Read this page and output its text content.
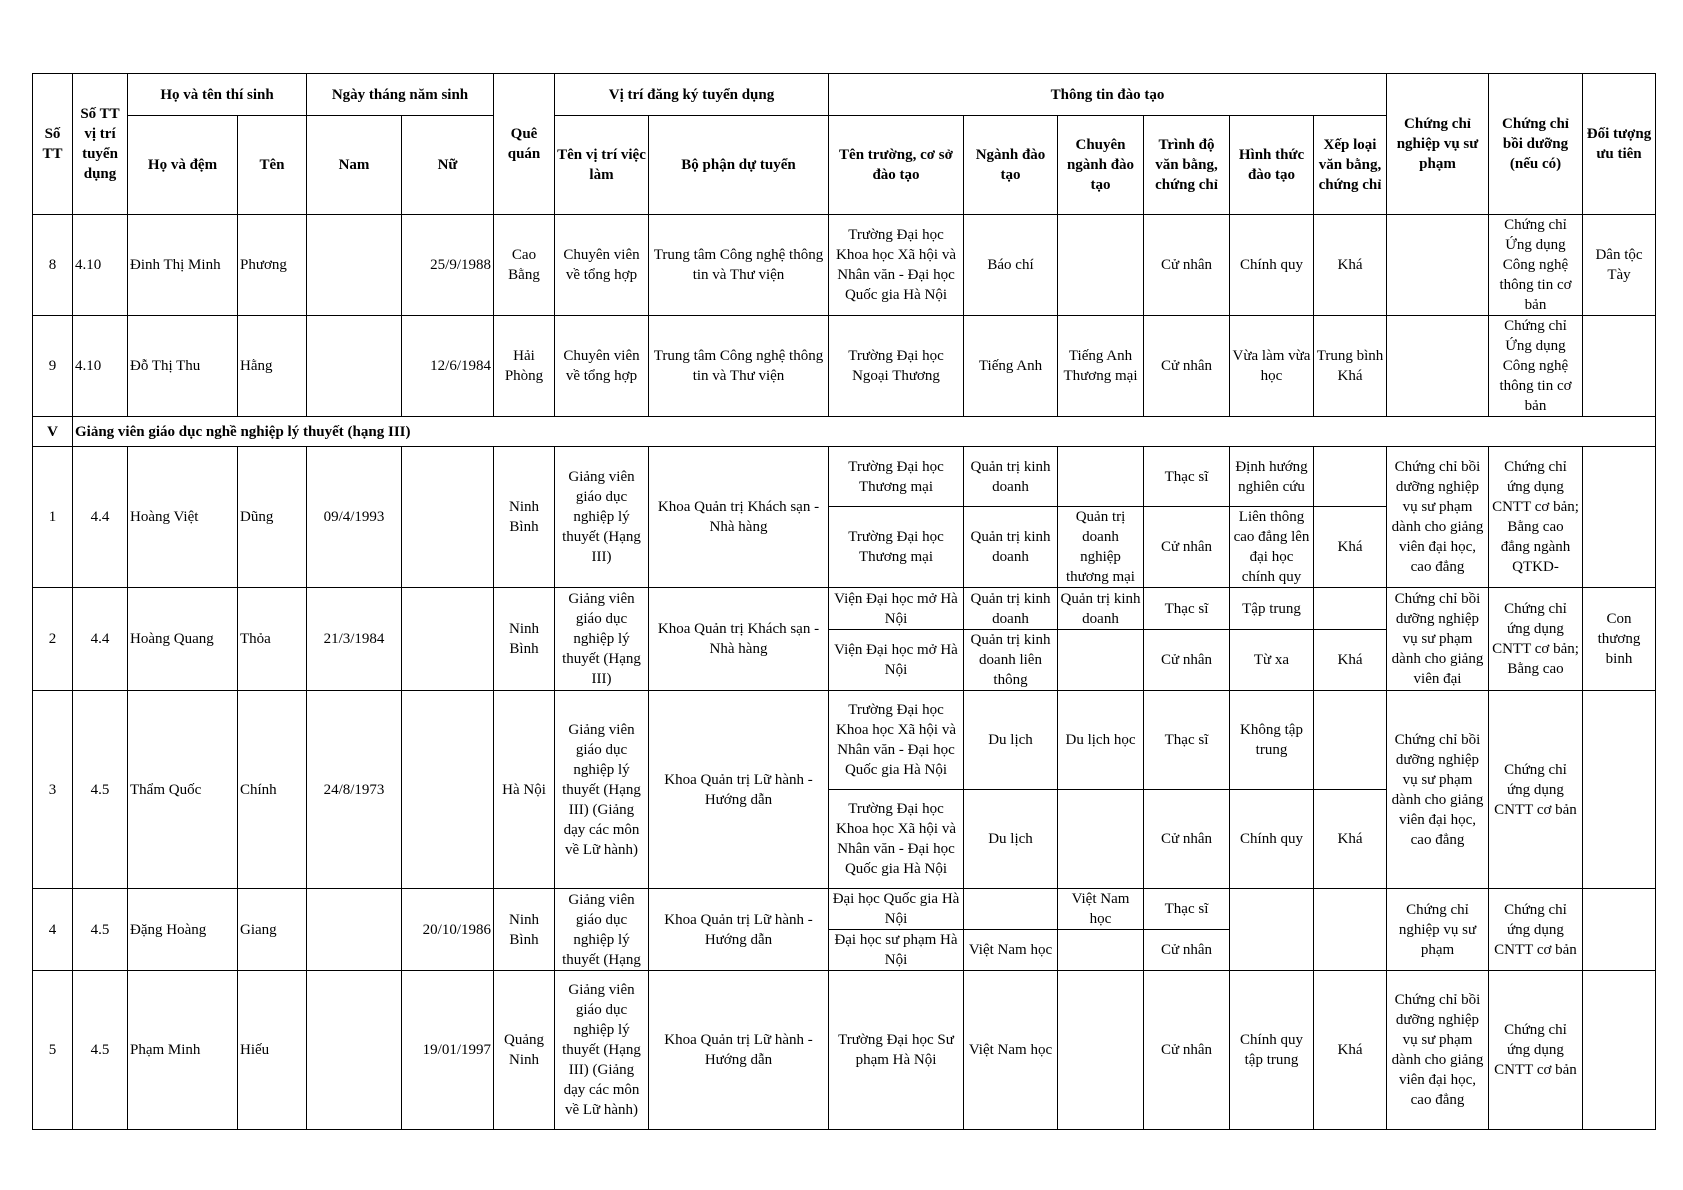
Số TT	Số TT vị trí tuyển dụng	Họ và tên thí sinh		Ngày tháng năm sinh		Quê quán	Vị trí đăng ký tuyển dụng		Thông tin đào tạo						Chứng chỉ nghiệp vụ sư phạm	Chứng chỉ bồi dưỡng (nếu có)	Đối tượng ưu tiên
		Họ và đệm	Tên	Nam	Nữ		Tên vị trí việc làm	Bộ phận dự tuyển	Tên trường, cơ sở đào tạo	Ngành đào tạo	Chuyên ngành đào tạo	Trình độ văn bằng, chứng chỉ	Hình thức đào tạo	Xếp loại văn bằng, chứng chỉ			
8	4.10	Đinh Thị Minh	Phương		25/9/1988	Cao Bằng	Chuyên viên về tổng hợp	Trung tâm Công nghệ thông tin và Thư viện	Trường Đại học Khoa học Xã hội và Nhân văn - Đại học Quốc gia Hà Nội	Báo chí		Cử nhân	Chính quy	Khá		Chứng chỉ Ứng dụng Công nghệ thông tin cơ bản	Dân tộc Tày
9	4.10	Đỗ Thị Thu	Hằng		12/6/1984	Hải Phòng	Chuyên viên về tổng hợp	Trung tâm Công nghệ thông tin và Thư viện	Trường Đại học Ngoại Thương	Tiếng Anh	Tiếng Anh Thương mại	Cử nhân	Vừa làm vừa học	Trung bình Khá		Chứng chỉ Ứng dụng Công nghệ thông tin cơ bản	
V	Giảng viên giáo dục nghề nghiệp lý thuyết (hạng III)																
1	4.4	Hoàng Việt	Dũng	09/4/1993		Ninh Bình	Giảng viên giáo dục nghiệp lý thuyết (Hạng III)	Khoa Quản trị Khách sạn - Nhà hàng	Trường Đại học Thương mại	Quản trị kinh doanh		Thạc sĩ	Định hướng nghiên cứu		Chứng chỉ bồi dưỡng nghiệp vụ sư phạm dành cho giảng viên đại học, cao đẳng	Chứng chỉ ứng dụng CNTT cơ bản; Bằng cao đẳng ngành QTKD-	
									Trường Đại học Thương mại	Quản trị kinh doanh	Quản trị doanh nghiệp thương mại	Cử nhân	Liên thông cao đẳng lên đại học chính quy	Khá			
2	4.4	Hoàng Quang	Thỏa	21/3/1984		Ninh Bình	Giảng viên giáo dục nghiệp lý thuyết (Hạng III)	Khoa Quản trị Khách sạn - Nhà hàng	Viện Đại học mở Hà Nội	Quản trị kinh doanh	Quản trị kinh doanh	Thạc sĩ	Tập trung		Chứng chỉ bồi dưỡng nghiệp vụ sư phạm dành cho giảng viên đại	Chứng chỉ ứng dụng CNTT cơ bản; Bằng cao	Con thương binh
									Viện Đại học mở Hà Nội	Quản trị kinh doanh liên thông		Cử nhân	Từ xa	Khá			
3	4.5	Thẩm Quốc	Chính	24/8/1973		Hà Nội	Giảng viên giáo dục nghiệp lý thuyết (Hạng III) (Giảng dạy các môn về Lữ hành)	Khoa Quản trị Lữ hành - Hướng dẫn	Trường Đại học Khoa học Xã hội và Nhân văn - Đại học Quốc gia Hà Nội	Du lịch	Du lịch học	Thạc sĩ	Không tập trung		Chứng chỉ bồi dưỡng nghiệp vụ sư phạm dành cho giảng viên đại học, cao đẳng	Chứng chỉ ứng dụng CNTT cơ bản	
									Trường Đại học Khoa học Xã hội và Nhân văn - Đại học Quốc gia Hà Nội	Du lịch		Cử nhân	Chính quy	Khá			
4	4.5	Đặng Hoàng	Giang		20/10/1986	Ninh Bình	Giảng viên giáo dục nghiệp lý thuyết (Hạng	Khoa Quản trị Lữ hành - Hướng dẫn	Đại học Quốc gia Hà Nội		Việt Nam học	Thạc sĩ			Chứng chỉ nghiệp vụ sư phạm	Chứng chỉ ứng dụng CNTT cơ bản	
									Đại học sư phạm Hà Nội	Việt Nam học		Cử nhân					
5	4.5	Phạm Minh	Hiếu		19/01/1997	Quảng Ninh	Giảng viên giáo dục nghiệp lý thuyết (Hạng III) (Giảng dạy các môn về Lữ hành)	Khoa Quản trị Lữ hành - Hướng dẫn	Trường Đại học Sư phạm Hà Nội	Việt Nam học		Cử nhân	Chính quy tập trung	Khá	Chứng chỉ bồi dưỡng nghiệp vụ sư phạm dành cho giảng viên đại học, cao đẳng	Chứng chỉ ứng dụng CNTT cơ bản	
